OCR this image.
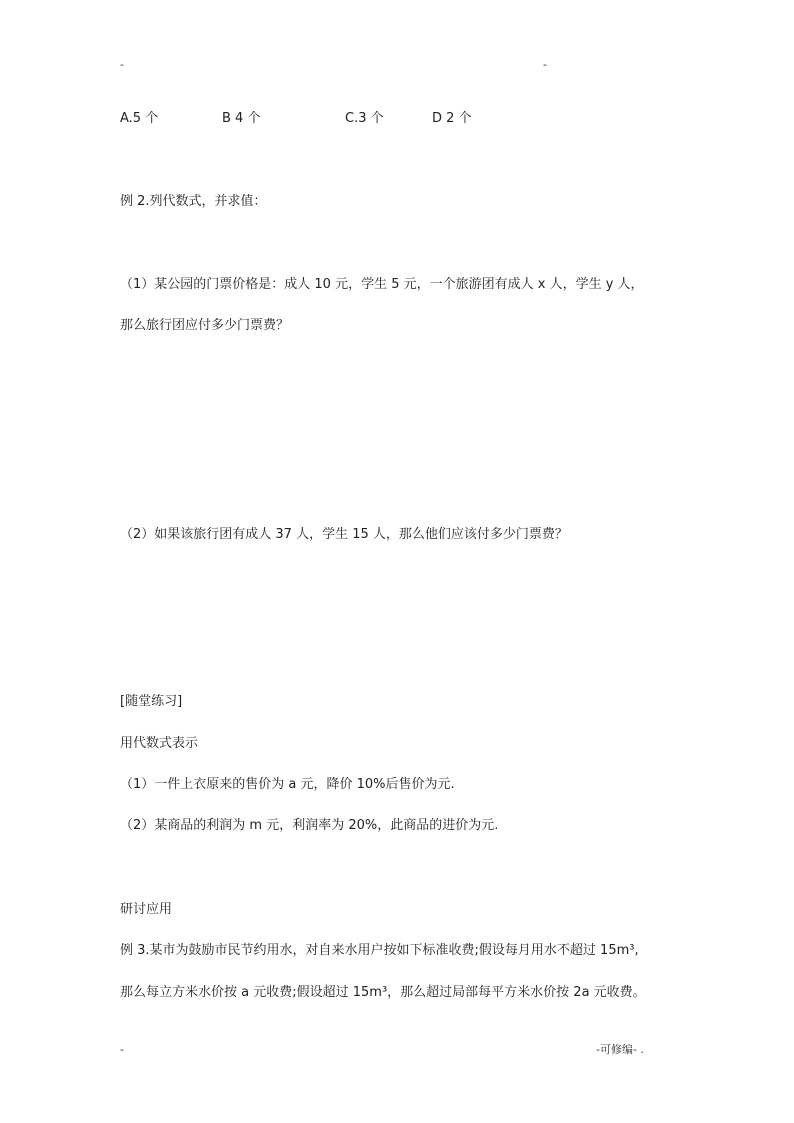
-	-
A.5 个	B 4 个	C.3 个	D 2 个
例 2.列代数式，并求值：
（1）某公园的门票价格是：成人 10 元，学生 5 元，一个旅游团有成人 x 人，学生 y 人，
那么旅行团应付多少门票费？
（2）如果该旅行团有成人 37 人，学生 15 人，那么他们应该付多少门票费？
[随堂练习]
用代数式表示
（1）一件上衣原来的售价为 a 元，降价 10%后售价为元.
（2）某商品的利润为 m 元，利润率为 20%，此商品的进价为元.
研讨应用
例 3.某市为鼓励市民节约用水，对自来水用户按如下标准收费;假设每月用水不超过 15m³,
那么每立方米水价按 a 元收费;假设超过 15m³，那么超过局部每平方米水价按 2a 元收费。
-	-可修编- .
